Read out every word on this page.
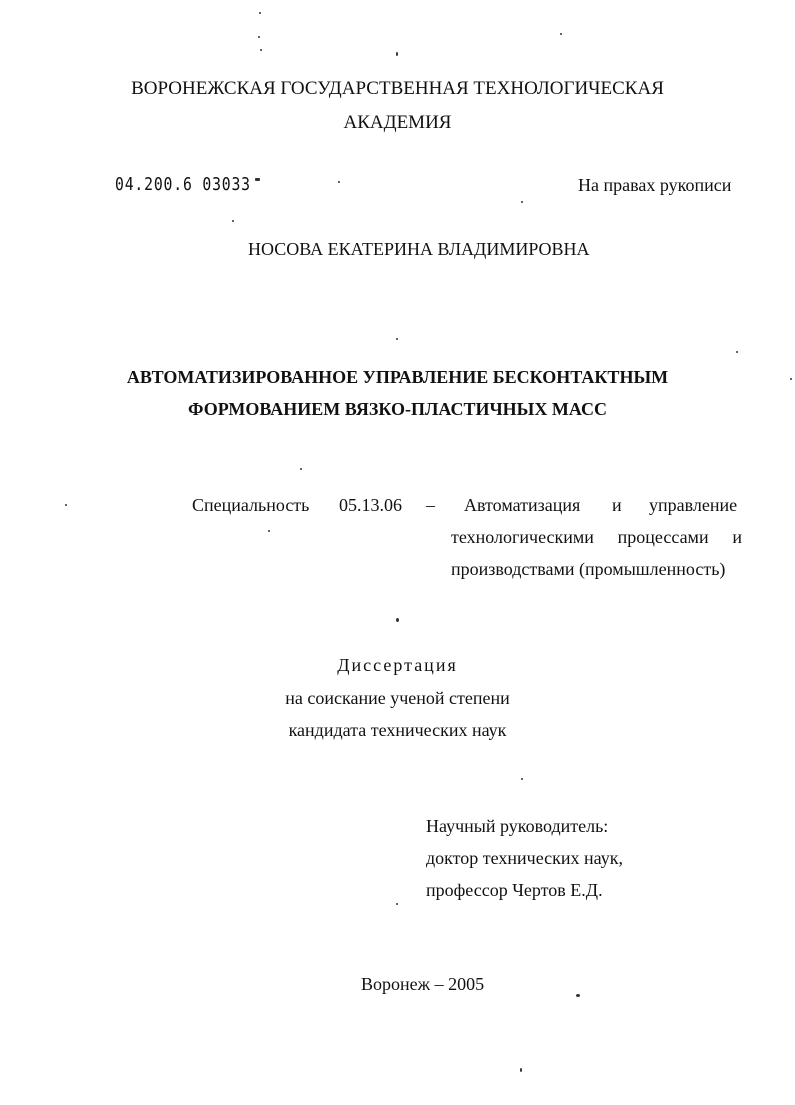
ВОРОНЕЖСКАЯ ГОСУДАРСТВЕННАЯ ТЕХНОЛОГИЧЕСКАЯ
АКАДЕМИЯ
04.200.6 03033	На правах рукописи
НОСОВА ЕКАТЕРИНА ВЛАДИМИРОВНА
АВТОМАТИЗИРОВАННОЕ УПРАВЛЕНИЕ БЕСКОНТАКТНЫМ
ФОРМОВАНИЕМ ВЯЗКО-ПЛАСТИЧНЫХ МАСС
Специальность 05.13.06 – Автоматизация и управление
технологическими процессами и
производствами (промышленность)
Диссертация
на соискание ученой степени
кандидата технических наук
Научный руководитель:
доктор технических наук,
профессор Чертов Е.Д.
Воронеж – 2005
